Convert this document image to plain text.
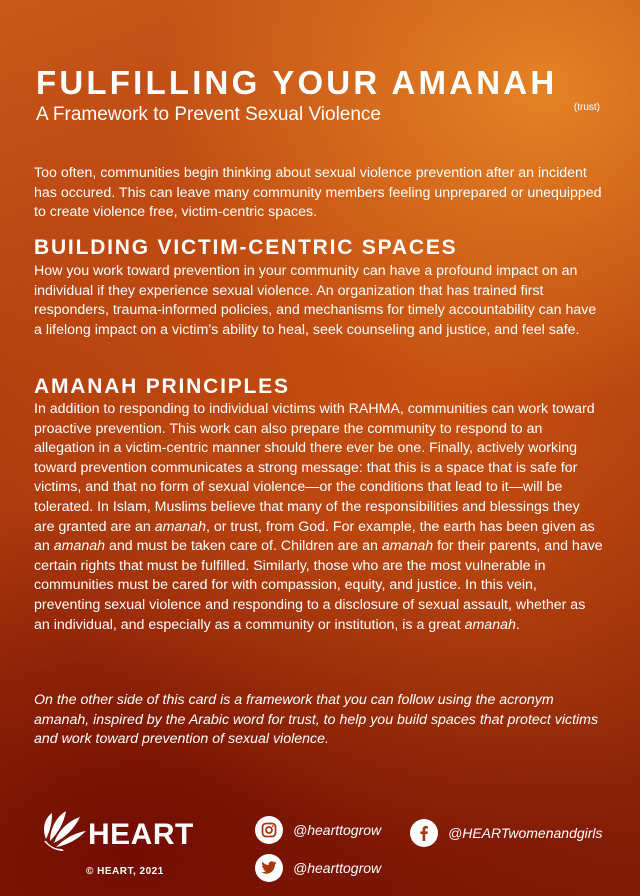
FULFILLING YOUR AMANAH
A Framework to Prevent Sexual Violence	(trust)

Too often, communities begin thinking about sexual violence prevention after an incident has occured. This can leave many community members feeling unprepared or unequipped to create violence free, victim-centric spaces.

BUILDING VICTIM-CENTRIC SPACES

How you work toward prevention in your community can have a profound impact on an individual if they experience sexual violence. An organization that has trained first responders, trauma-informed policies, and mechanisms for timely accountability can have a lifelong impact on a victim’s ability to heal, seek counseling and justice, and feel safe.

AMANAH PRINCIPLES

In addition to responding to individual victims with RAHMA, communities can work toward proactive prevention. This work can also prepare the community to respond to an allegation in a victim-centric manner should there ever be one. Finally, actively working toward prevention communicates a strong message: that this is a space that is safe for victims, and that no form of sexual violence—or the conditions that lead to it—will be tolerated. In Islam, Muslims believe that many of the responsibilities and blessings they are granted are an amanah, or trust, from God. For example, the earth has been given as an amanah and must be taken care of. Children are an amanah for their parents, and have certain rights that must be fulfilled. Similarly, those who are the most vulnerable in communities must be cared for with compassion, equity, and justice. In this vein, preventing sexual violence and responding to a disclosure of sexual assault, whether as an individual, and especially as a community or institution, is a great amanah.

On the other side of this card is a framework that you can follow using the acronym amanah, inspired by the Arabic word for trust, to help you build spaces that protect victims and work toward prevention of sexual violence.

HEART
© HEART, 2021
@hearttogrow	@HEARTwomenandgirls
@hearttogrow
